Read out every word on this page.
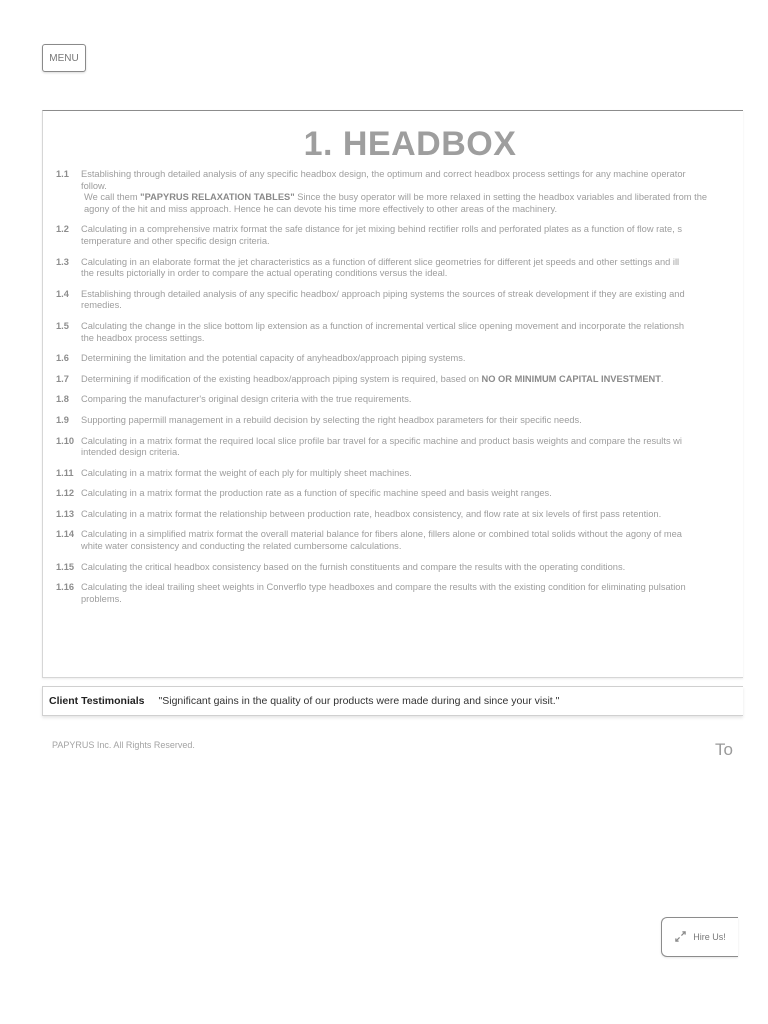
MENU
1. HEADBOX
1.1	Establishing through detailed analysis of any specific headbox design, the optimum and correct headbox process settings for any machine operator
follow.
We call them "PAPYRUS RELAXATION TABLES" Since the busy operator will be more relaxed in setting the headbox variables and liberated from the
agony of the hit and miss approach. Hence he can devote his time more effectively to other areas of the machinery.
1.2	Calculating in a comprehensive matrix format the safe distance for jet mixing behind rectifier rolls and perforated plates as a function of flow rate, s
temperature and other specific design criteria.
1.3	Calculating in an elaborate format the jet characteristics as a function of different slice geometries for different jet speeds and other settings and ill
the results pictorially in order to compare the actual operating conditions versus the ideal.
1.4	Establishing through detailed analysis of any specific headbox/ approach piping systems the sources of streak development if they are existing and
remedies.
1.5	Calculating the change in the slice bottom lip extension as a function of incremental vertical slice opening movement and incorporate the relationsh
the headbox process settings.
1.6	Determining the limitation and the potential capacity of anyheadbox/approach piping systems.
1.7	Determining if modification of the existing headbox/approach piping system is required, based on NO OR MINIMUM CAPITAL INVESTMENT.
1.8	Comparing the manufacturer's original design criteria with the true requirements.
1.9	Supporting papermill management in a rebuild decision by selecting the right headbox parameters for their specific needs.
1.10 Calculating in a matrix format the required local slice profile bar travel for a specific machine and product basis weights and compare the results wi
intended design criteria.
1.11 Calculating in a matrix format the weight of each ply for multiply sheet machines.
1.12 Calculating in a matrix format the production rate as a function of specific machine speed and basis weight ranges.
1.13 Calculating in a matrix format the relationship between production rate, headbox consistency, and flow rate at six levels of first pass retention.
1.14 Calculating in a simplified matrix format the overall material balance for fibers alone, fillers alone or combined total solids without the agony of mea
white water consistency and conducting the related cumbersome calculations.
1.15 Calculating the critical headbox consistency based on the furnish constituents and compare the results with the operating conditions.
1.16 Calculating the ideal trailing sheet weights in Converflo type headboxes and compare the results with the existing condition for eliminating pulsation
problems.
Client Testimonials "Significant gains in the quality of our products were made during and since your visit."
PAPYRUS Inc. All Rights Reserved.	To
Hire Us!
